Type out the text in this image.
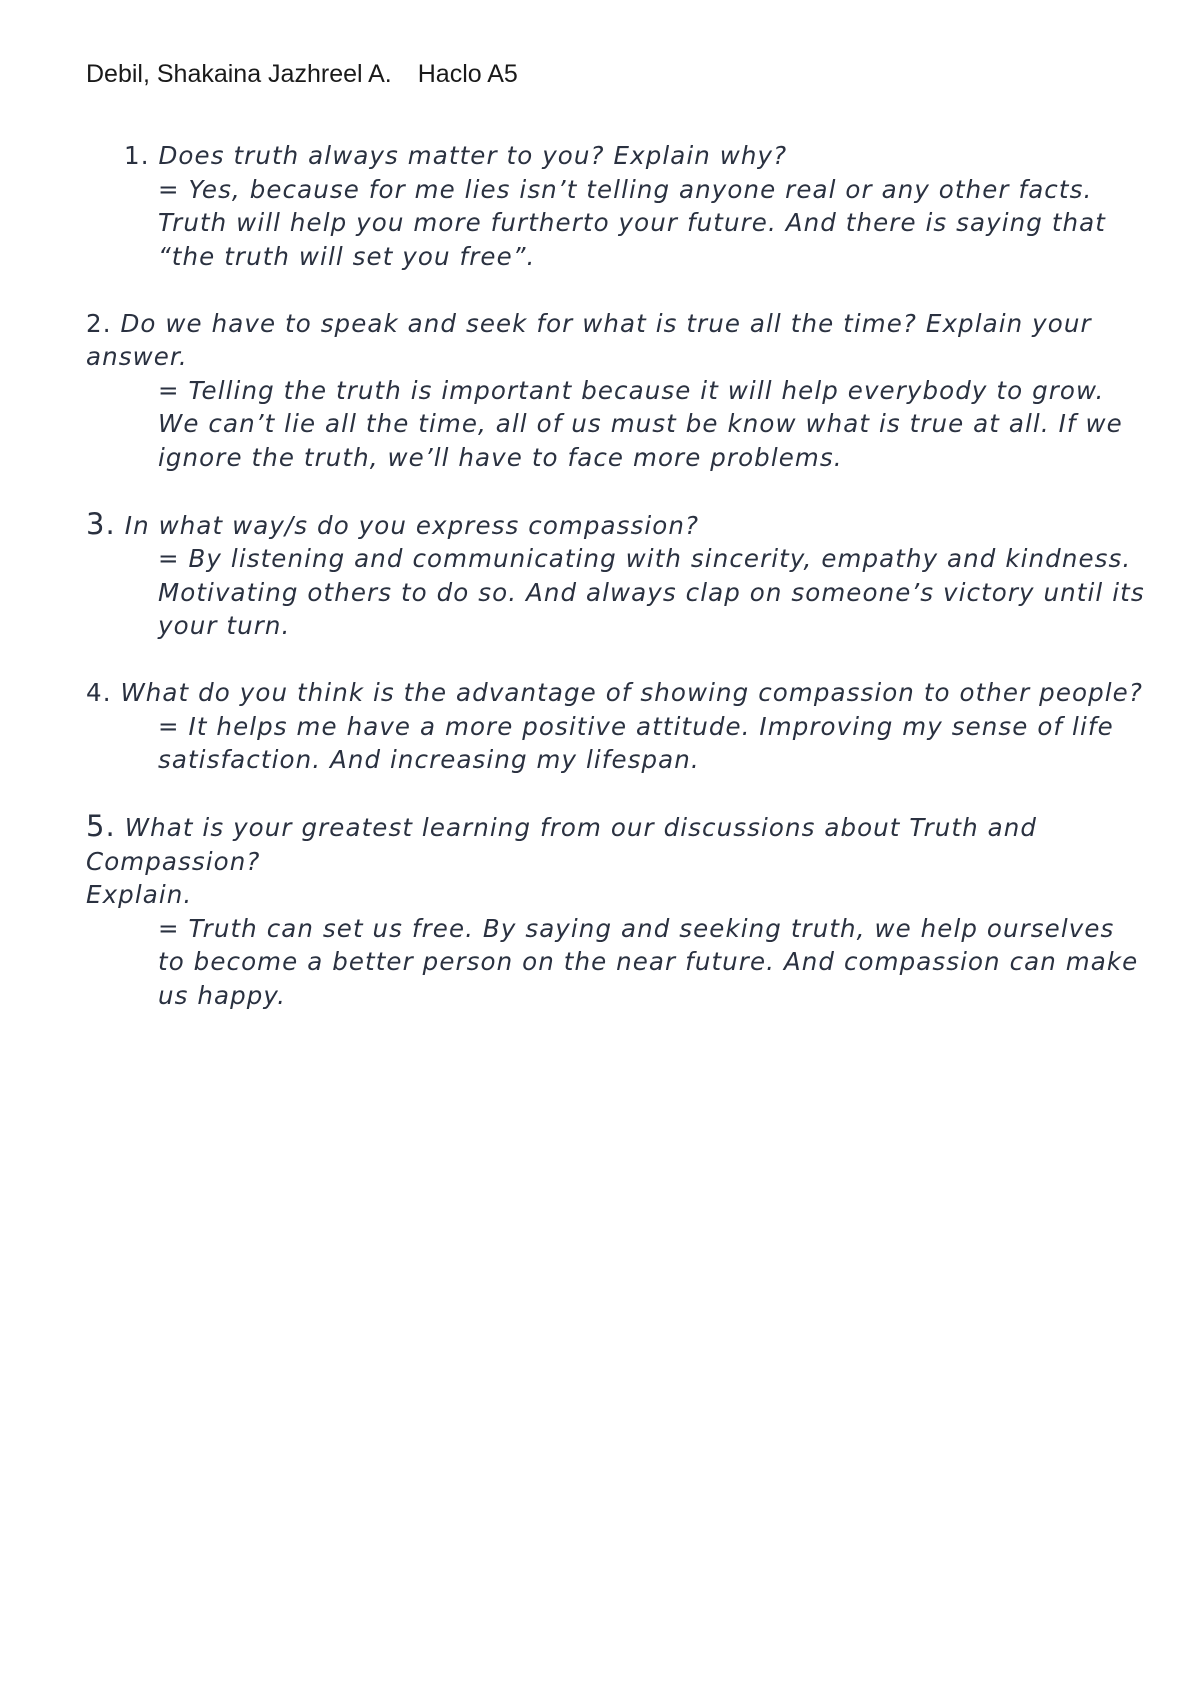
Debil, Shakaina Jazhreel A. Haclo A5
1. Does truth always matter to you? Explain why?
= Yes, because for me lies isn’t telling anyone real or any other facts. Truth will help you more furtherto your future. And there is saying that “the truth will set you free”.
2. Do we have to speak and seek for what is true all the time? Explain your answer.
= Telling the truth is important because it will help everybody to grow. We can’t lie all the time, all of us must be know what is true at all. If we ignore the truth, we’ll have to face more problems.
3. In what way/s do you express compassion?
= By listening and communicating with sincerity, empathy and kindness. Motivating others to do so. And always clap on someone’s victory until its your turn.
4. What do you think is the advantage of showing compassion to other people?
= It helps me have a more positive attitude. Improving my sense of life satisfaction. And increasing my lifespan.
5. What is your greatest learning from our discussions about Truth and Compassion?
Explain.
= Truth can set us free. By saying and seeking truth, we help ourselves to become a better person on the near future. And compassion can make us happy.
